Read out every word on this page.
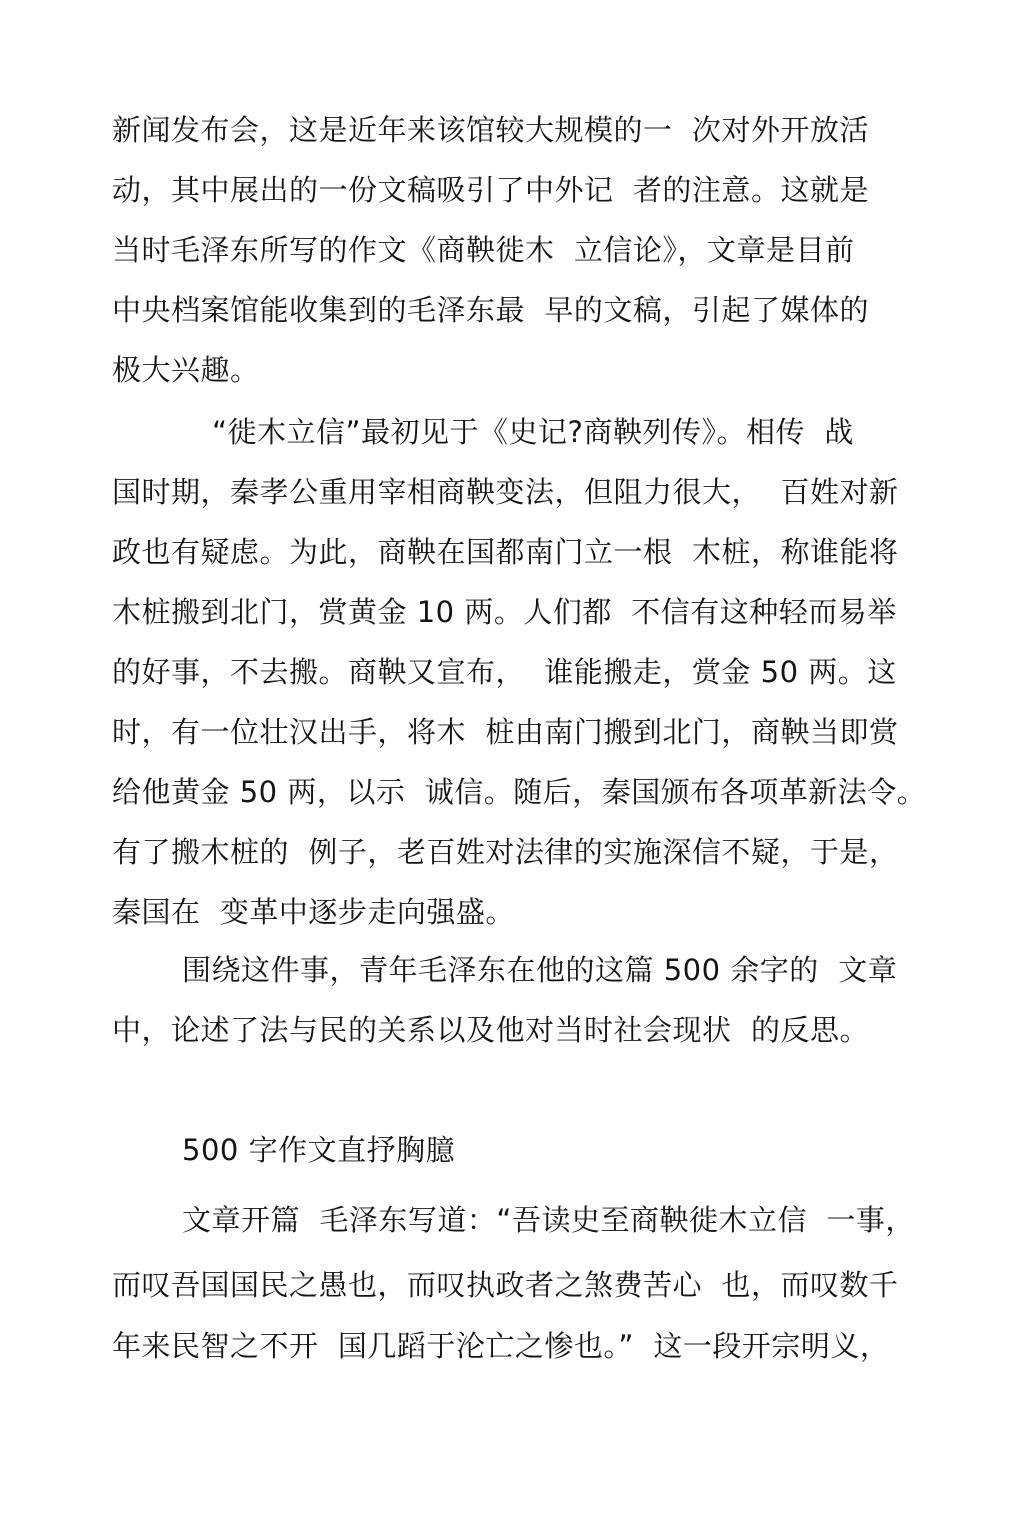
新闻发布会，这是近年来该馆较大规模的一  次对外开放活
动，其中展出的一份文稿吸引了中外记  者的注意。这就是
当时毛泽东所写的作文《商鞅徙木  立信论》，文章是目前
中央档案馆能收集到的毛泽东最  早的文稿，引起了媒体的
极大兴趣。
“徙木立信”最初见于《史记?商鞅列传》。相传  战
国时期，秦孝公重用宰相商鞅变法，但阻力很大，  百姓对新
政也有疑虑。为此，商鞅在国都南门立一根  木桩，称谁能将
木桩搬到北门，赏黄金 10 两。人们都  不信有这种轻而易举
的好事，不去搬。商鞅又宣布，  谁能搬走，赏金 50 两。这
时，有一位壮汉出手，将木  桩由南门搬到北门，商鞅当即赏
给他黄金 50 两，以示  诚信。随后，秦国颁布各项革新法令。
有了搬木桩的  例子，老百姓对法律的实施深信不疑，于是，
秦国在  变革中逐步走向强盛。
围绕这件事，青年毛泽东在他的这篇 500 余字的  文章
中，论述了法与民的关系以及他对当时社会现状  的反思。
500 字作文直抒胸臆
文章开篇  毛泽东写道：“吾读史至商鞅徙木立信  一事，
而叹吾国国民之愚也，而叹执政者之煞费苦心  也，而叹数千
年来民智之不开  国几蹈于沦亡之惨也。”  这一段开宗明义，
